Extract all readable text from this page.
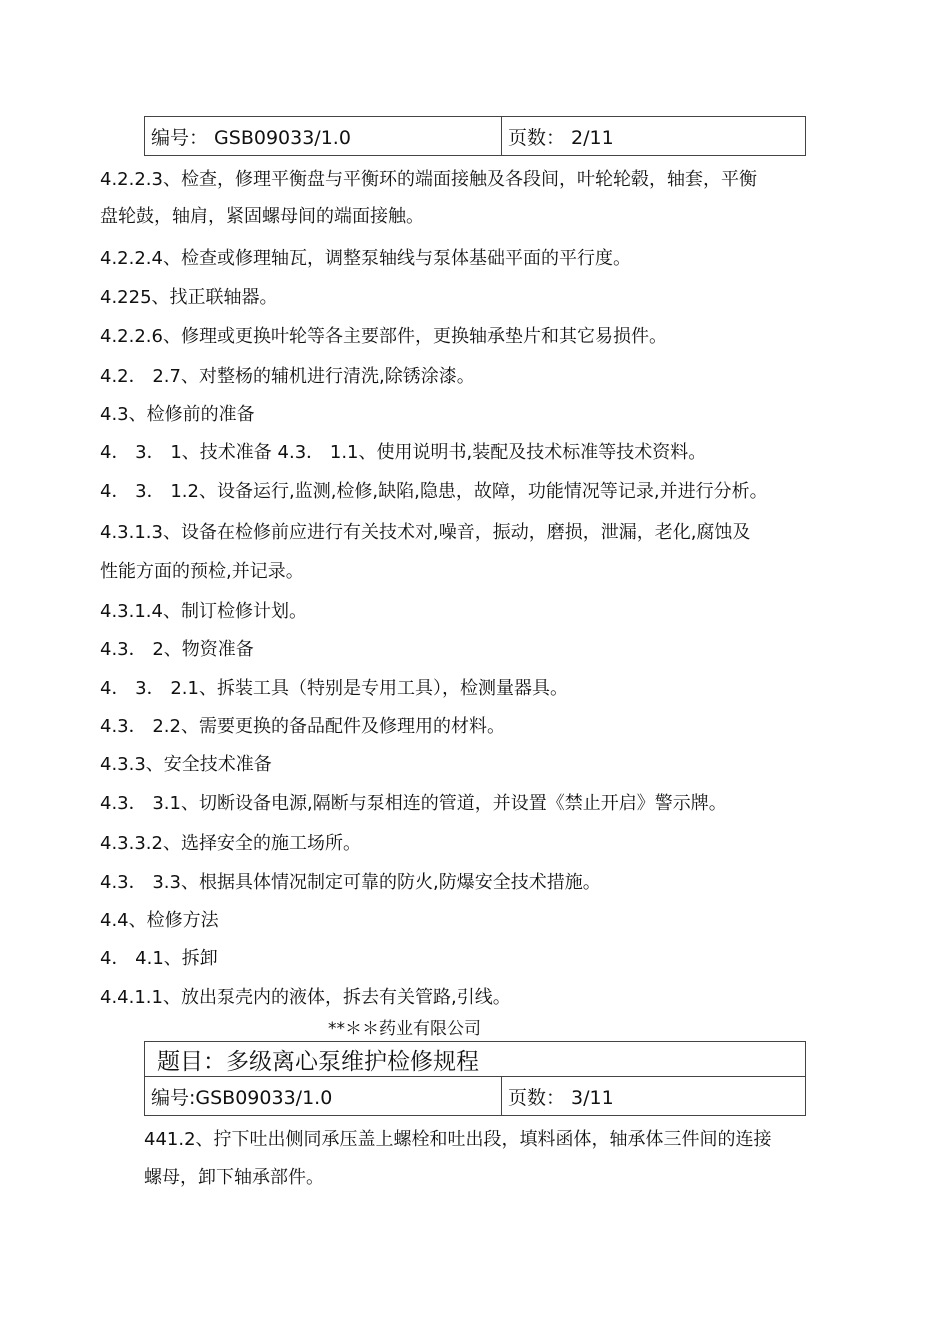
编号： GSB09033/1.0	页数： 2/11
4.2.2.3、检查，修理平衡盘与平衡环的端面接触及各段间，叶轮轮毂，轴套，平衡
盘轮鼓，轴肩，紧固螺母间的端面接触。
4.2.2.4、检查或修理轴瓦，调整泵轴线与泵体基础平面的平行度。
4.225、找正联轴器。
4.2.2.6、修理或更换叶轮等各主要部件，更换轴承垫片和其它易损件。
4.2． 2.7、对整杨的辅机进行清洗,除锈涂漆。
4.3、检修前的准备
4． 3． 1、技术准备 4.3． 1.1、使用说明书,装配及技术标准等技术资料。
4． 3． 1.2、设备运行,监测,检修,缺陷,隐患，故障，功能情况等记录,并进行分析。
4.3.1.3、设备在检修前应进行有关技术对,噪音，振动，磨损，泄漏，老化,腐蚀及
性能方面的预检,并记录。
4.3.1.4、制订检修计划。
4.3． 2、物资准备
4． 3． 2.1、拆装工具（特别是专用工具），检测量器具。
4.3． 2.2、需要更换的备品配件及修理用的材料。
4.3.3、安全技术准备
4.3． 3.1、切断设备电源,隔断与泵相连的管道，并设置《禁止开启》警示牌。
4.3.3.2、选择安全的施工场所。
4.3． 3.3、根据具体情况制定可靠的防火,防爆安全技术措施。
4.4、检修方法
4． 4.1、拆卸
4.4.1.1、放出泵壳内的液体，拆去有关管路,引线。
**＊＊药业有限公司
题目：多级离心泵维护检修规程
编号:GSB09033/1.0	页数： 3/11
441.2、拧下吐出侧同承压盖上螺栓和吐出段，填料函体，轴承体三件间的连接
螺母，卸下轴承部件。
